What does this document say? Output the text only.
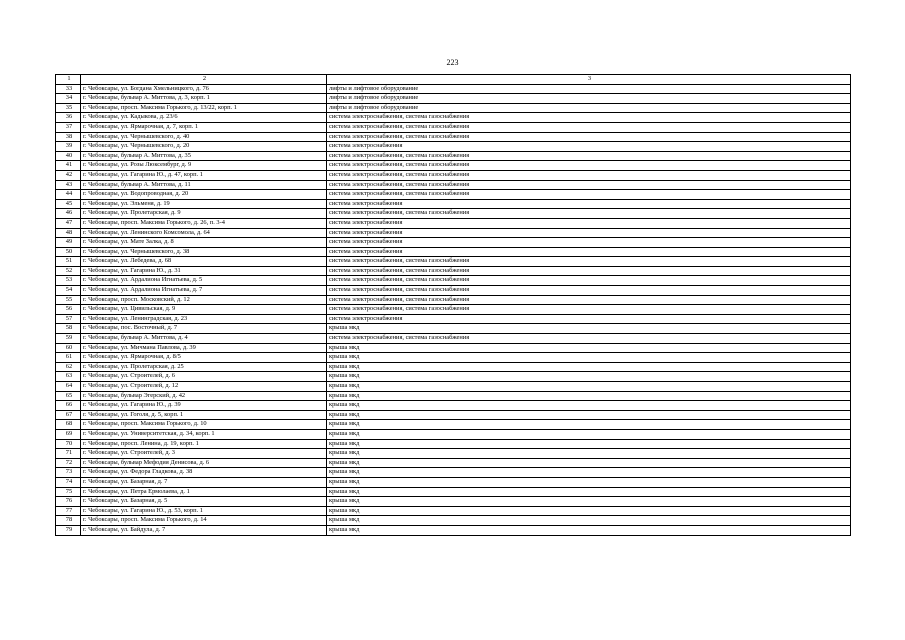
223
1	2	3
33	г. Чебоксары, ул. Богдана Хмельницкого, д. 76	лифты и лифтовое оборудование
34	г. Чебоксары, бульвар А. Миттова, д. 3, корп. 1	лифты и лифтовое оборудование
35	г. Чебоксары, просп. Максима Горького, д. 13/22, корп. 1	лифты и лифтовое оборудование
36	г. Чебоксары, ул. Кадыкова, д. 23/6	система электроснабжения, система газоснабжения
37	г. Чебоксары, ул. Ярмарочная, д. 7, корп. 1	система электроснабжения, система газоснабжения
38	г. Чебоксары, ул. Чернышевского, д. 40	система электроснабжения, система газоснабжения
39	г. Чебоксары, ул. Чернышевского, д. 20	система электроснабжения
40	г. Чебоксары, бульвар А. Миттова, д. 35	система электроснабжения, система газоснабжения
41	г. Чебоксары, ул. Розы Люксембург, д. 9	система электроснабжения, система газоснабжения
42	г. Чебоксары, ул. Гагарина Ю., д. 47, корп. 1	система электроснабжения, система газоснабжения
43	г. Чебоксары, бульвар А. Миттова, д. 11	система электроснабжения, система газоснабжения
44	г. Чебоксары, ул. Водопроводная, д. 20	система электроснабжения, система газоснабжения
45	г. Чебоксары, ул. Эльменя, д. 19	система электроснабжения
46	г. Чебоксары, ул. Пролетарская, д. 9	система электроснабжения, система газоснабжения
47	г. Чебоксары, просп. Максима Горького, д. 26, п. 3-4	система электроснабжения
48	г. Чебоксары, ул. Ленинского Комсомола, д. 64	система электроснабжения
49	г. Чебоксары, ул. Мате Залка, д. 8	система электроснабжения
50	г. Чебоксары, ул. Чернышевского, д. 38	система электроснабжения
51	г. Чебоксары, ул. Лебедева, д. 68	система электроснабжения, система газоснабжения
52	г. Чебоксары, ул. Гагарина Ю., д. 31	система электроснабжения, система газоснабжения
53	г. Чебоксары, ул. Ардалиона Игнатьева, д. 5	система электроснабжения, система газоснабжения
54	г. Чебоксары, ул. Ардалиона Игнатьева, д. 7	система электроснабжения, система газоснабжения
55	г. Чебоксары, просп. Московский, д. 12	система электроснабжения, система газоснабжения
56	г. Чебоксары, ул. Цивильская, д. 9	система электроснабжения, система газоснабжения
57	г. Чебоксары, ул. Ленинградская, д. 23	система электроснабжения
58	г. Чебоксары, пос. Восточный, д. 7	крыша мкд
59	г. Чебоксары, бульвар А. Миттова, д. 4	система электроснабжения, система газоснабжения
60	г. Чебоксары, ул. Мичмана Павлова, д. 39	крыша мкд
61	г. Чебоксары, ул. Ярмарочная, д. 8/5	крыша мкд
62	г. Чебоксары, ул. Пролетарская, д. 25	крыша мкд
63	г. Чебоксары, ул. Строителей, д. 6	крыша мкд
64	г. Чебоксары, ул. Строителей, д. 12	крыша мкд
65	г. Чебоксары, бульвар Эгерский, д. 42	крыша мкд
66	г. Чебоксары, ул. Гагарина Ю., д. 39	крыша мкд
67	г. Чебоксары, ул. Гоголя, д. 5, корп. 1	крыша мкд
68	г. Чебоксары, просп. Максима Горького, д. 10	крыша мкд
69	г. Чебоксары, ул. Университетская, д. 34, корп. 1	крыша мкд
70	г. Чебоксары, просп. Ленина, д. 19, корп. 1	крыша мкд
71	г. Чебоксары, ул. Строителей, д. 3	крыша мкд
72	г. Чебоксары, бульвар Мефодия Денисова, д. 6	крыша мкд
73	г. Чебоксары, ул. Федора Гладкова, д. 38	крыша мкд
74	г. Чебоксары, ул. Базарная, д. 7	крыша мкд
75	г. Чебоксары, ул. Петра Ермолаева, д. 1	крыша мкд
76	г. Чебоксары, ул. Базарная, д. 5	крыша мкд
77	г. Чебоксары, ул. Гагарина Ю., д. 53, корп. 1	крыша мкд
78	г. Чебоксары, просп. Максима Горького, д. 14	крыша мкд
79	г. Чебоксары, ул. Байдула, д. 7	крыша мкд
